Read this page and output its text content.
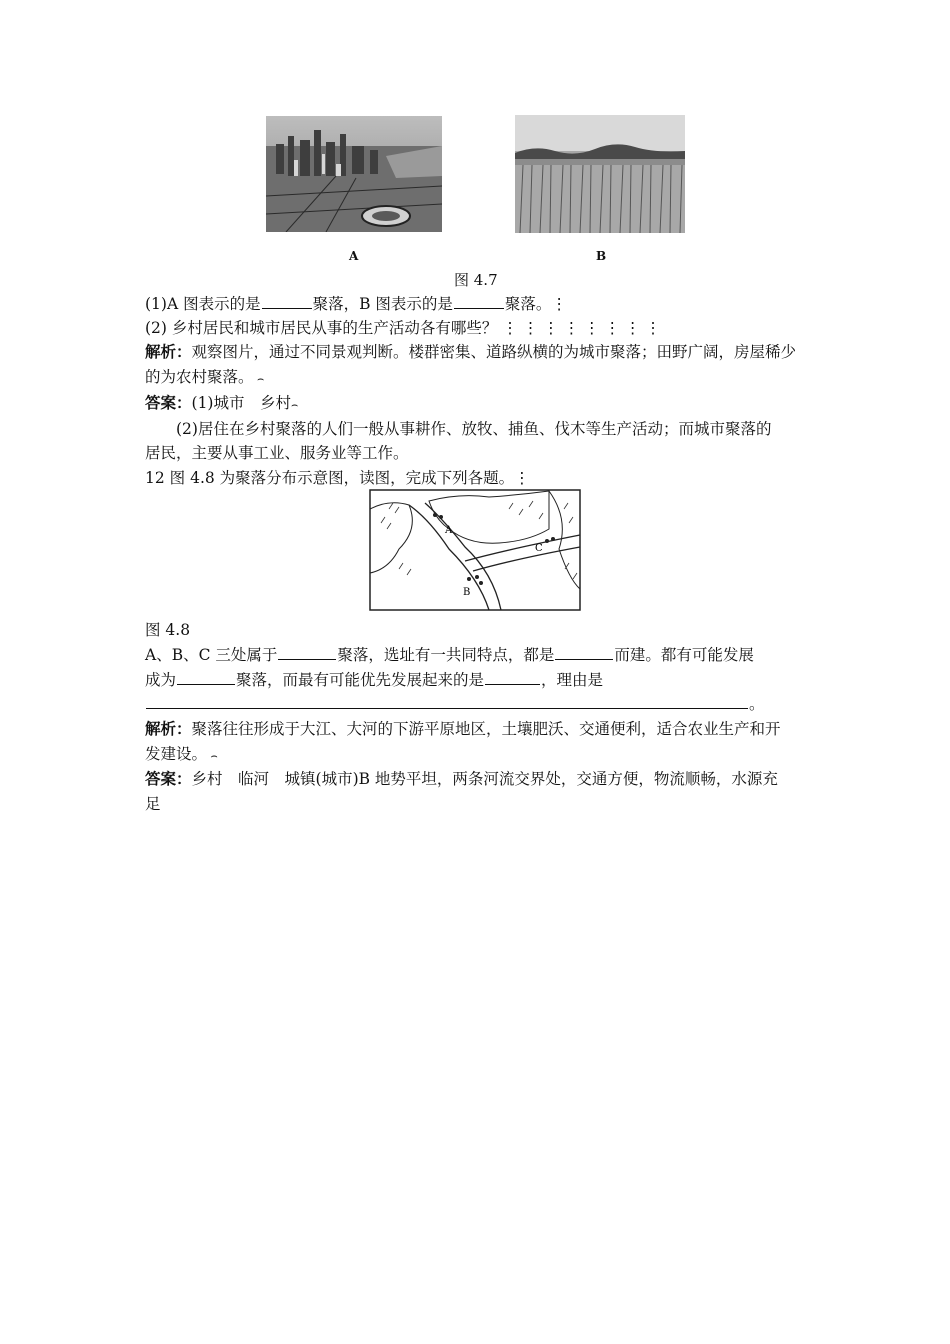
A	B
图 4.7
(1)A 图表示的是	聚落，B 图表示的是	聚落。⋮
(2) 乡村居民和城市居民从事的生产活动各有哪些？ ⋮ ⋮ ⋮ ⋮ ⋮ ⋮ ⋮ ⋮
解析：观察图片，通过不同景观判断。楼群密集、道路纵横的为城市聚落；田野广阔，房屋稀少
的为农村聚落。 ⌢
答案：(1)城市　乡村⌢
(2)居住在乡村聚落的人们一般从事耕作、放牧、捕鱼、伐木等生产活动；而城市聚落的
居民，主要从事工业、服务业等工作。
12 图 4.8 为聚落分布示意图，读图，完成下列各题。⋮
A
B
C
图 4.8
A、B、C 三处属于	聚落，选址有一共同特点，都是	而建。都有可能发展
成为	聚落，而最有可能优先发展起来的是	，理由是
。
解析：聚落往往形成于大江、大河的下游平原地区，土壤肥沃、交通便利，适合农业生产和开
发建设。 ⌢
答案：乡村　临河　城镇(城市)B 地势平坦，两条河流交界处，交通方便，物流顺畅，水源充
足
